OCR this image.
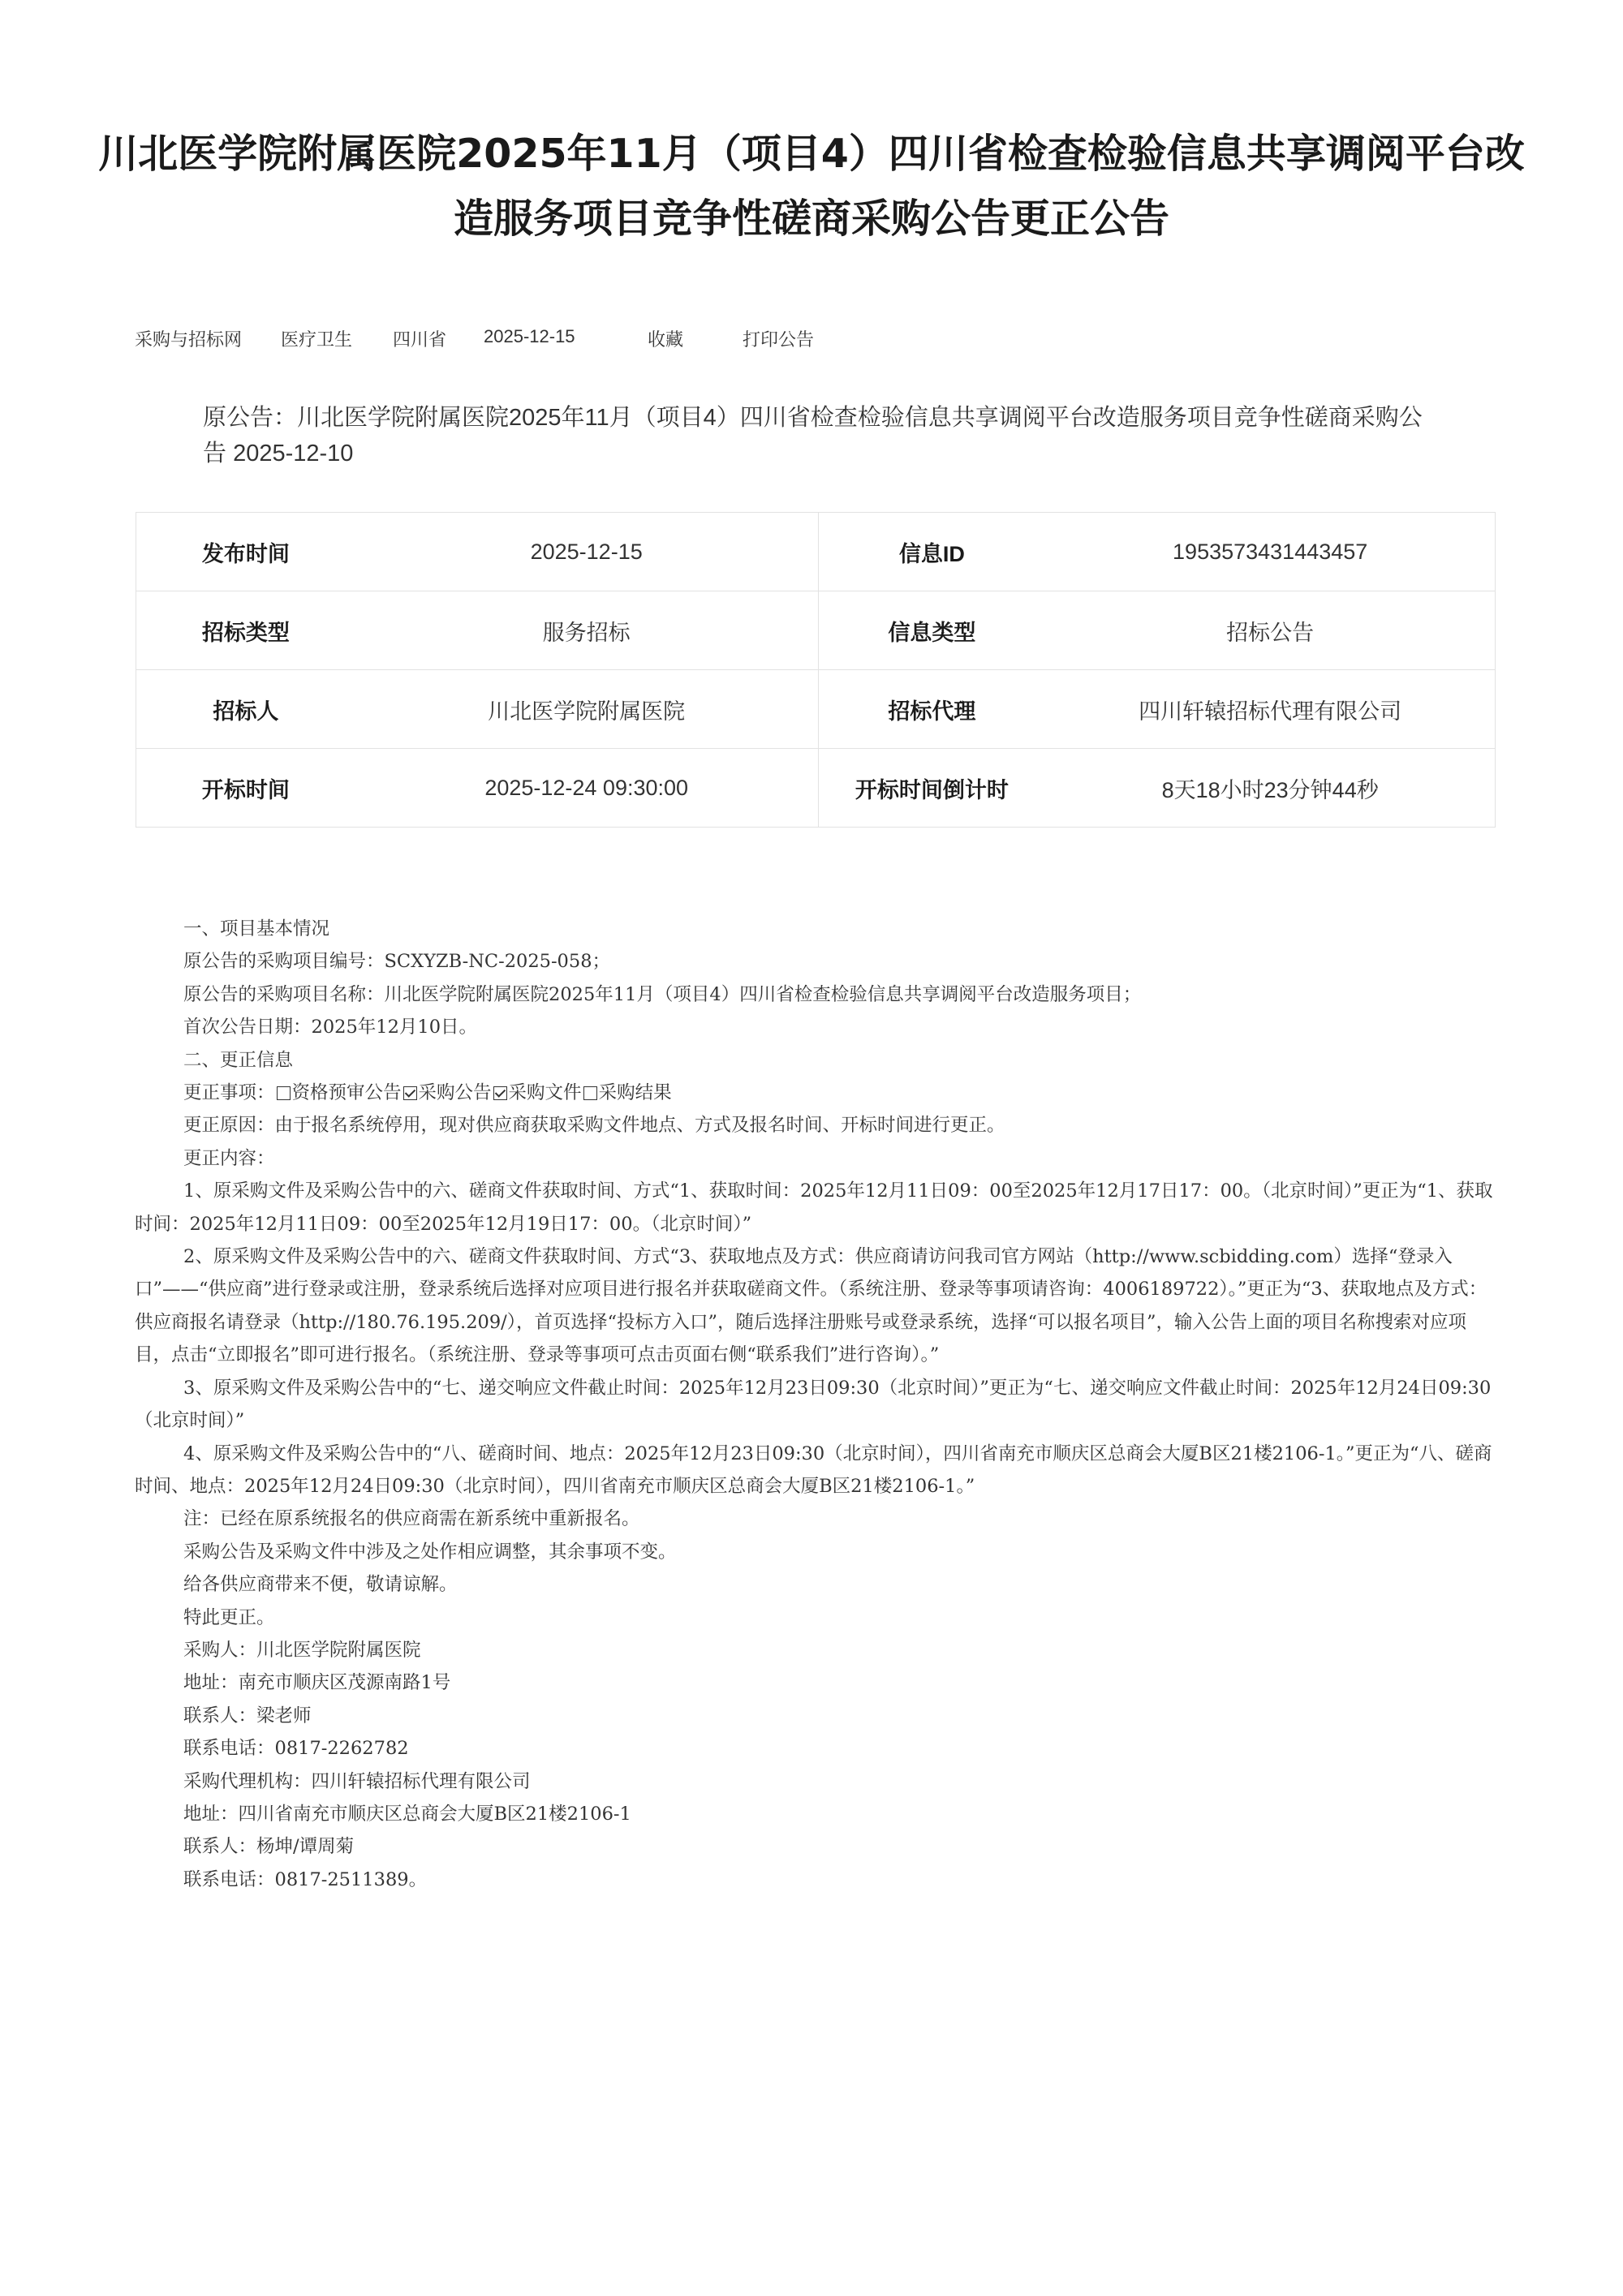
川北医学院附属医院2025年11月（项目4）四川省检查检验信息共享调阅平台改造服务项目竞争性磋商采购公告更正公告
采购与招标网 医疗卫生 四川省 2025-12-15	收藏	打印公告
原公告：川北医学院附属医院2025年11月（项目4）四川省检查检验信息共享调阅平台改造服务项目竞争性磋商采购公告 2025-12-10
发布时间	2025-12-15	信息ID	1953573431443457
招标类型	服务招标	信息类型	招标公告
招标人	川北医学院附属医院	招标代理	四川轩辕招标代理有限公司
开标时间	2025-12-24 09:30:00	开标时间倒计时	8天18小时23分钟44秒

一、项目基本情况

原公告的采购项目编号：SCXYZB-NC-2025-058；

原公告的采购项目名称：川北医学院附属医院2025年11月（项目4）四川省检查检验信息共享调阅平台改造服务项目；

首次公告日期：2025年12月10日。

二、更正信息

更正事项： 资格预审公告 采购公告 采购文件 采购结果

更正原因：由于报名系统停用，现对供应商获取采购文件地点、方式及报名时间、开标时间进行更正。

更正内容：

1、原采购文件及采购公告中的六、磋商文件获取时间、方式“1、获取时间：2025年12月11日09：00至2025年12月17日17：00。（北京时间）”更正为“1、获取时间：2025年12月11日09：00至2025年12月19日17：00。（北京时间）”

2、原采购文件及采购公告中的六、磋商文件获取时间、方式“3、获取地点及方式：供应商请访问我司官方网站（http://www.scbidding.com）选择“登录入口”——“供应商”进行登录或注册，登录系统后选择对应项目进行报名并获取磋商文件。（系统注册、登录等事项请咨询：4006189722）。”更正为“3、获取地点及方式：供应商报名请登录（http://180.76.195.209/），首页选择“投标方入口”，随后选择注册账号或登录系统，选择“可以报名项目”，输入公告上面的项目名称搜索对应项目，点击“立即报名”即可进行报名。（系统注册、登录等事项可点击页面右侧“联系我们”进行咨询）。”

3、原采购文件及采购公告中的“七、递交响应文件截止时间：2025年12月23日09:30（北京时间）”更正为“七、递交响应文件截止时间：2025年12月24日09:30（北京时间）”

4、原采购文件及采购公告中的“八、磋商时间、地点：2025年12月23日09:30（北京时间），四川省南充市顺庆区总商会大厦B区21楼2106-1。”更正为“八、磋商时间、地点：2025年12月24日09:30（北京时间），四川省南充市顺庆区总商会大厦B区21楼2106-1。”

注：已经在原系统报名的供应商需在新系统中重新报名。

采购公告及采购文件中涉及之处作相应调整，其余事项不变。

给各供应商带来不便，敬请谅解。

特此更正。

采购人：川北医学院附属医院

地址：南充市顺庆区茂源南路1号

联系人：梁老师

联系电话：0817-2262782

采购代理机构：四川轩辕招标代理有限公司

地址：四川省南充市顺庆区总商会大厦B区21楼2106-1

联系人：杨坤/谭周菊

联系电话：0817-2511389。
